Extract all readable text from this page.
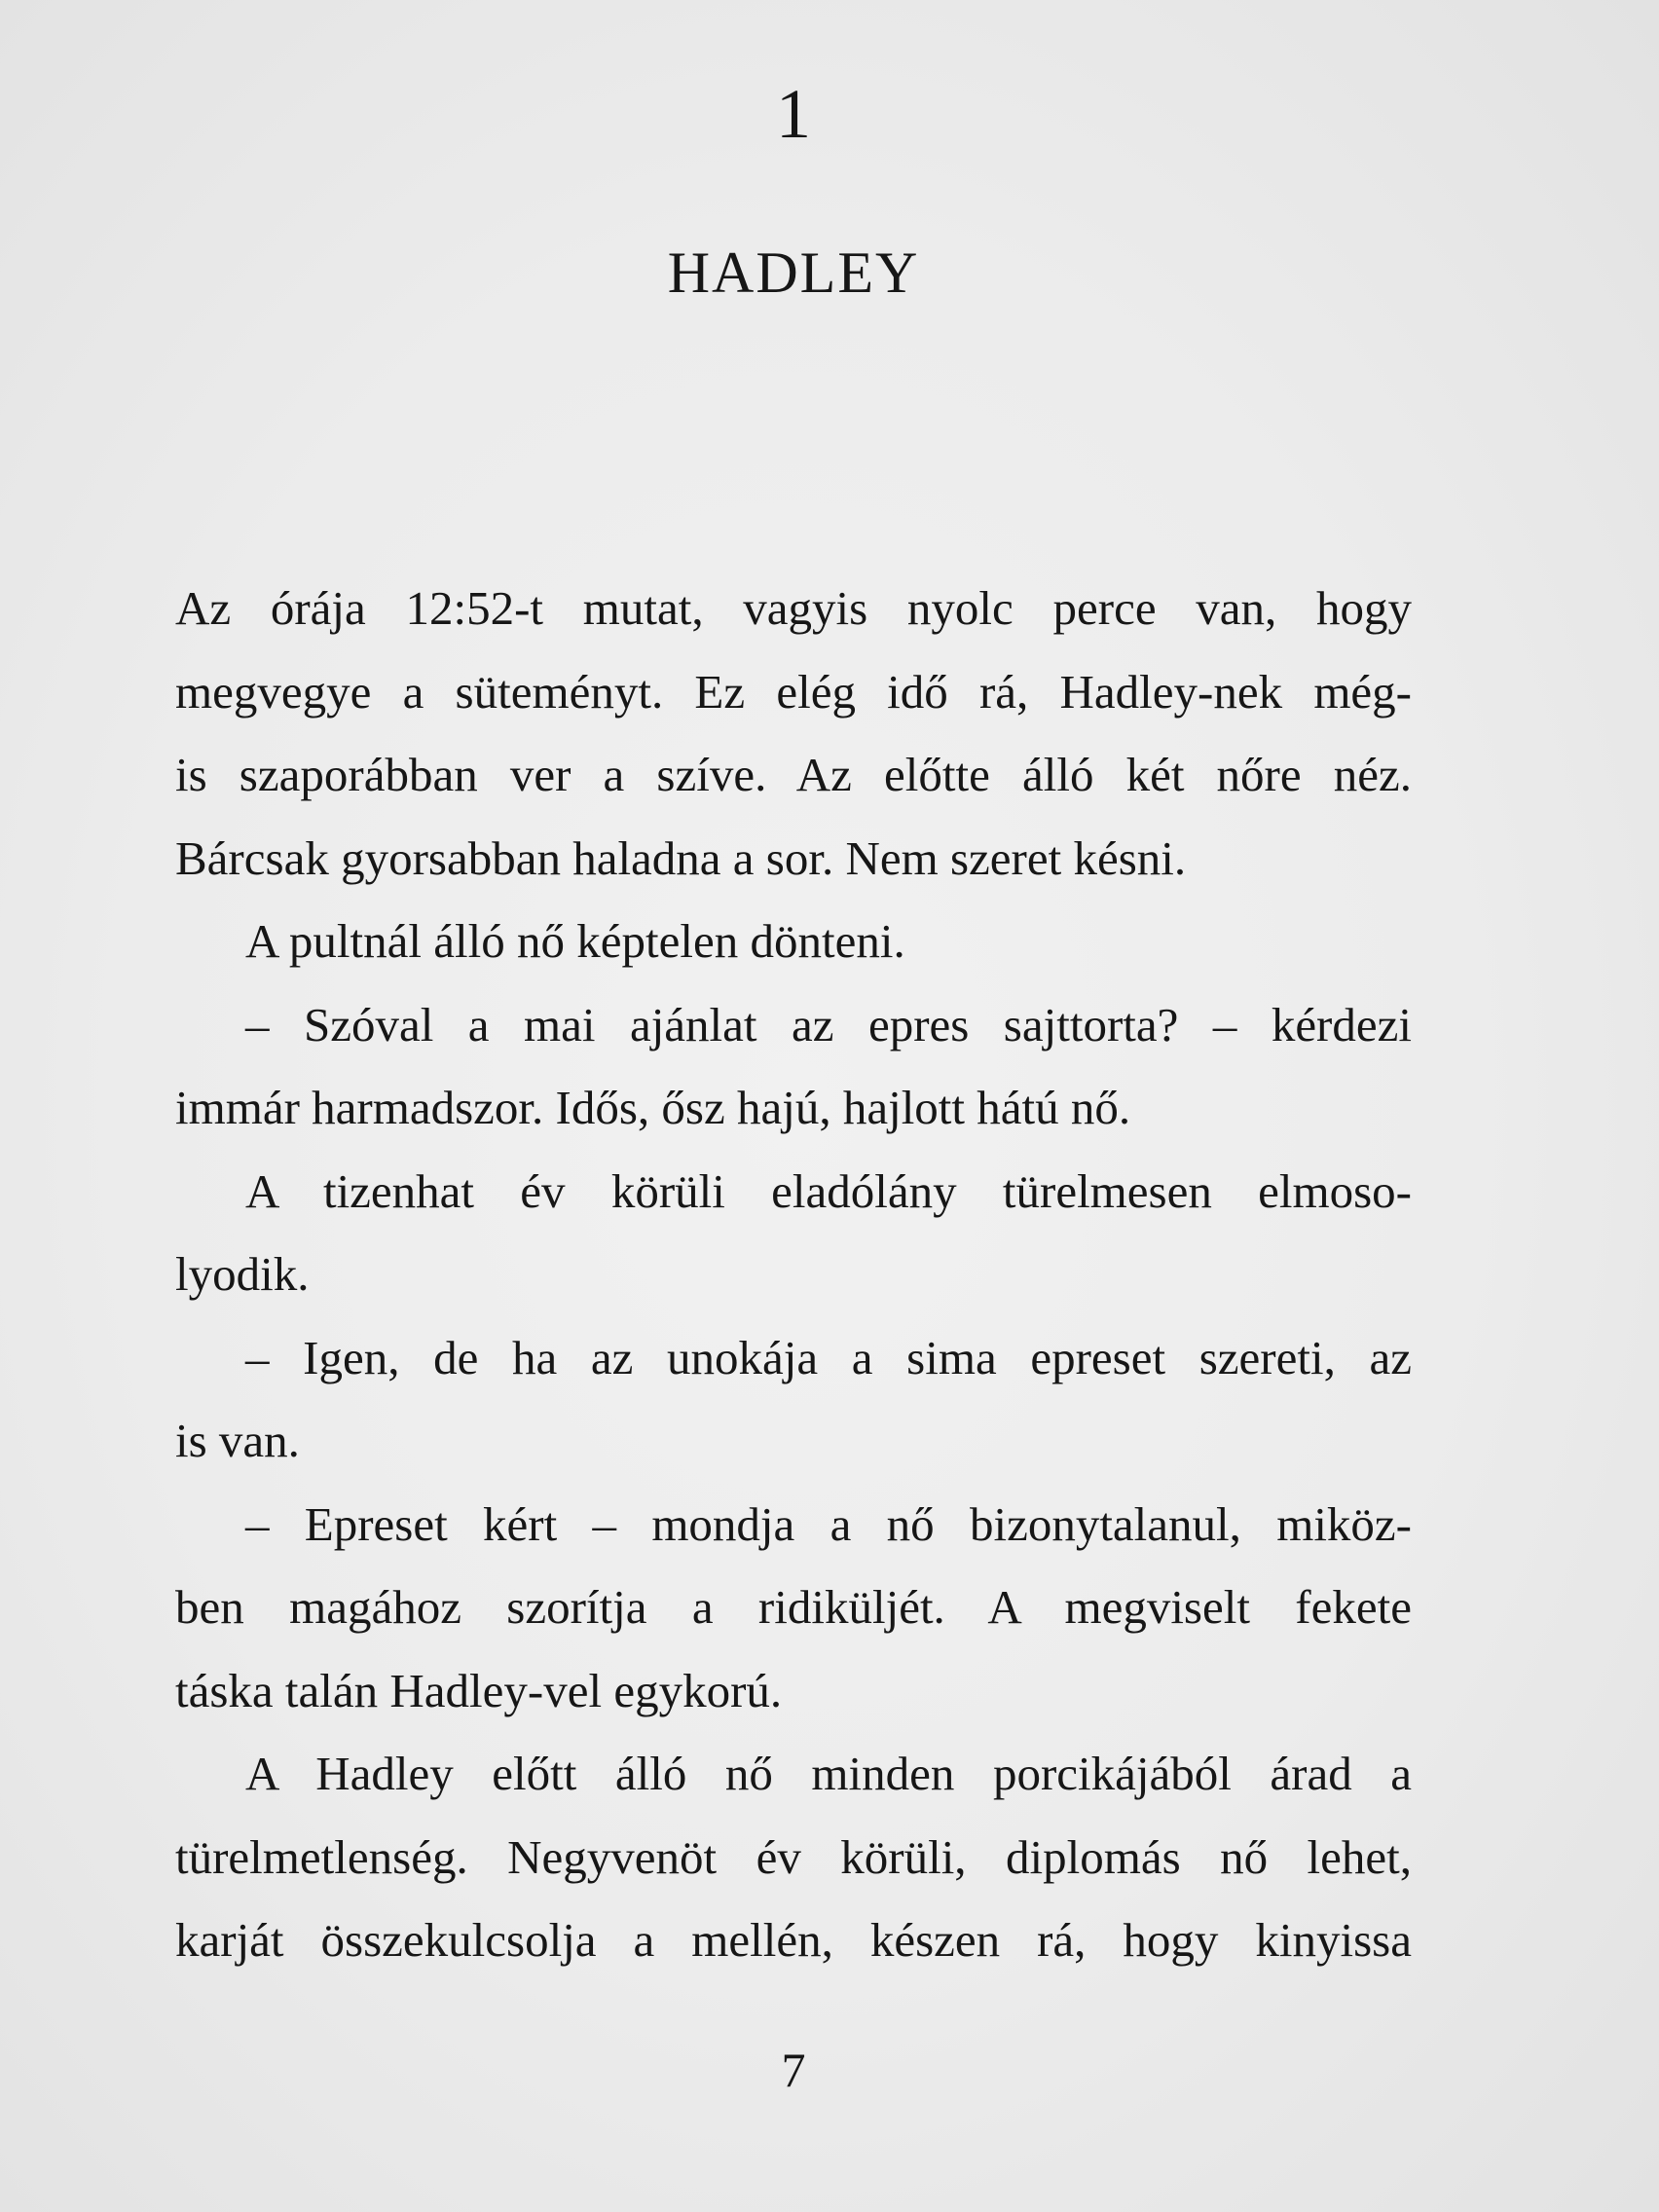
1
HADLEY
Az órája 12:52-t mutat, vagyis nyolc perce van, hogy
megvegye a süteményt. Ez elég idő rá, Hadley-nek még-
is szaporábban ver a szíve. Az előtte álló két nőre néz.
Bárcsak gyorsabban haladna a sor. Nem szeret késni.
A pultnál álló nő képtelen dönteni.
– Szóval a mai ajánlat az epres sajttorta? – kérdezi
immár harmadszor. Idős, ősz hajú, hajlott hátú nő.
A tizenhat év körüli eladólány türelmesen elmoso-
lyodik.
– Igen, de ha az unokája a sima epreset szereti, az
is van.
– Epreset kért – mondja a nő bizonytalanul, miköz-
ben magához szorítja a ridiküljét. A megviselt fekete
táska talán Hadley-vel egykorú.
A Hadley előtt álló nő minden porcikájából árad a
türelmetlenség. Negyvenöt év körüli, diplomás nő lehet,
karját összekulcsolja a mellén, készen rá, hogy kinyissa
7
